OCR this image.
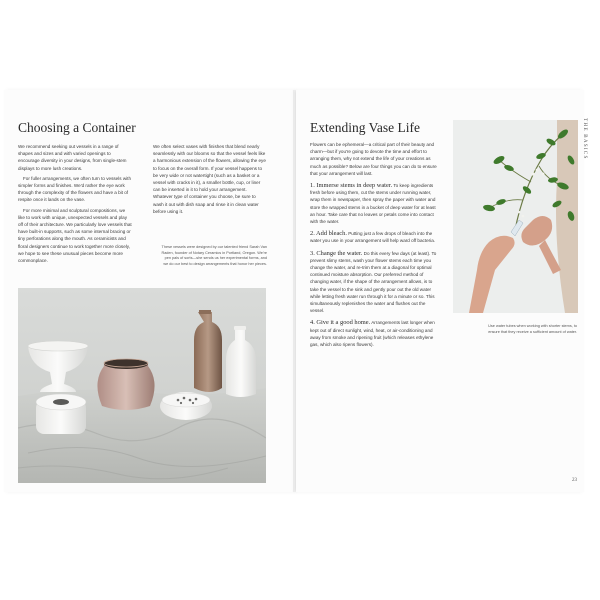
Choosing a Container

We recommend seeking out vessels in a range of shapes and sizes and with varied openings to encourage diversity in your designs, from single-stem displays to more lush creations.

For fuller arrangements, we often turn to vessels with simpler forms and finishes. We'd rather the eye work through the complexity of the flowers and have a bit of respite once it lands on the vase.

For more minimal and sculptural compositions, we like to work with unique, unexpected vessels and play off of their architecture. We particularly love vessels that have built-in supports, such as some internal bracing or tiny perforations along the mouth. As ceramicists and floral designers continue to work together more closely, we hope to see these unusual pieces become more commonplace.

We often select vases with finishes that blend nearly seamlessly with our blooms so that the vessel feels like a harmonious extension of the flowers, allowing the eye to focus on the overall form. If your vessel happens to be very wide or not watertight (such as a basket or a vessel with cracks in it), a smaller bottle, cup, or liner can be inserted in it to hold your arrangement. Whatever type of container you choose, be sure to wash it out with dish soap and rinse it in clean water before using it.

These vessels were designed by our talented friend Sarah Van Raden, founder of Notary Ceramics in Portland, Oregon. We're pen pals of sorts—she sends us her experimental forms, and we do our best to design arrangements that honor her pieces.
Extending Vase Life

Flowers can be ephemeral—a critical part of their beauty and charm—but if you're going to devote the time and effort to arranging them, why not extend the life of your creations as much as possible? Below are four things you can do to ensure that your arrangement will last.

1. Immerse stems in deep water. To keep ingredients fresh before using them, cut the stems under running water, wrap them in newspaper, then spray the paper with water and store the wrapped stems in a bucket of deep water for at least an hour. Take care that no leaves or petals come into contact with the water.

2. Add bleach. Putting just a few drops of bleach into the water you use in your arrangement will help ward off bacteria.

3. Change the water. Do this every few days (at least). To prevent slimy stems, wash your flower stems each time you change the water, and re-trim them at a diagonal for optimal continued moisture absorption. Our preferred method of changing water, if the shape of the arrangement allows, is to take the vessel to the sink and gently pour out the old water while letting fresh water run through it for a minute or so. This simultaneously replenishes the water and flushes out the vessel.

4. Give it a good home. Arrangements last longer when kept out of direct sunlight, wind, heat, or air-conditioning and away from smoke and ripening fruit (which releases ethylene gas, which also ripens flowers).

Use water tubes when working with shorter stems, to ensure that they receive a sufficient amount of water.
THE BASICS
23
